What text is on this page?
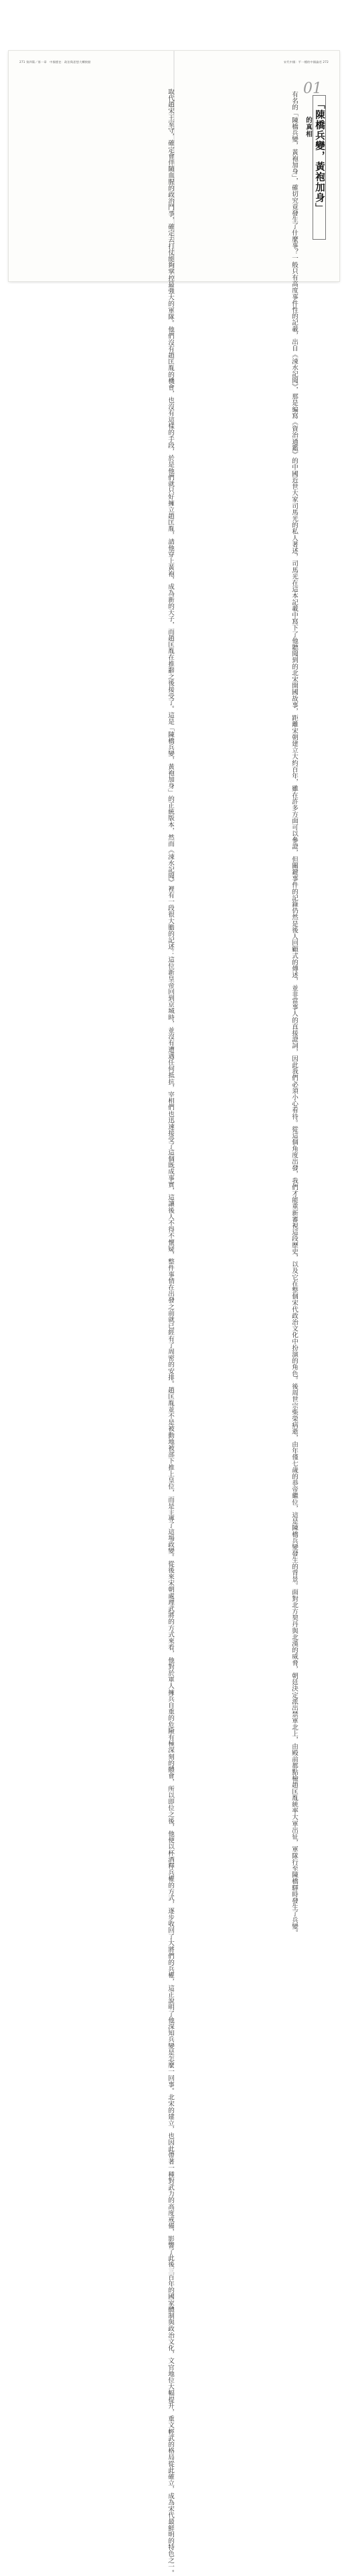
271 第四篇／第一章　中國歷史：政治與思想大轉捩點	宋代中國：平一種的中國論述 272
取代趙宋王室守，確定會伴隨血腥的政治鬥爭，確定去打仗能夠掌控最強大的軍隊。他們沒有趙匡胤的機會，也沒有這樣的手段，於是他們就只好擁立趙匡胤，請他穿上黃袍，成為新的天子，而趙匡胤在推辭之後接受了。這是「陳橋兵變，黃袍加身」的正統版本，然而《涑水記聞》裡有一段很大膽的記述：這位新皇帝回到京城時，並沒有遭遇任何抵抗，宰相們也迅速接受了這個既成事實，這讓後人不得不懷疑，整件事情在出發之前就已經有了周密的安排。趙匡胤並不是被動地被部下推上皇位，而是主導了這場政變。從後來宋朝處理武將的方式來看，他對於軍人擁兵自重的危險有極深刻的體會，所以即位之後，他便以杯酒釋兵權的方式，逐步收回了大將們的兵權，這正說明了他深知兵變是怎麼一回事。北宋的建立，也因此帶著一種對武力的高度戒備，影響了此後三百年的國家體制與政治文化，文官地位大幅提升，重文輕武的格局從此確立，成為宋代最鮮明的特色之一。	有名的「陳橋兵變，黃袍加身」，確切究竟發生了什麼事？一般只有高度事件性的記載，出自《涑水記聞》，那是編寫《資治通鑑》的中國近世大家司馬光的私人著述，司馬光在這本記載中寫下了他聽聞到的北宋開國故事，距離宋朝建立大約百年，雖在許多方面可以參證，但關鍵事件的記錄仍然是後人回顧式的傳述，並非當事人的直接證詞，因此我們必須小心看待。從這個角度出發，我們才能重新審視這段歷史，以及它在整個宋代政治文化中扮演的角色。後周世宗柴榮病逝，由年僅七歲的恭帝繼位，這是陳橋兵變發生的背景。面對北方契丹與北漢的威脅，朝廷決定派出禁軍北上，由殿前都點檢趙匡胤統率大軍出征，軍隊行至陳橋驛時發生了兵變。
01
的真相 「陳橋兵變，黃袍加身」
